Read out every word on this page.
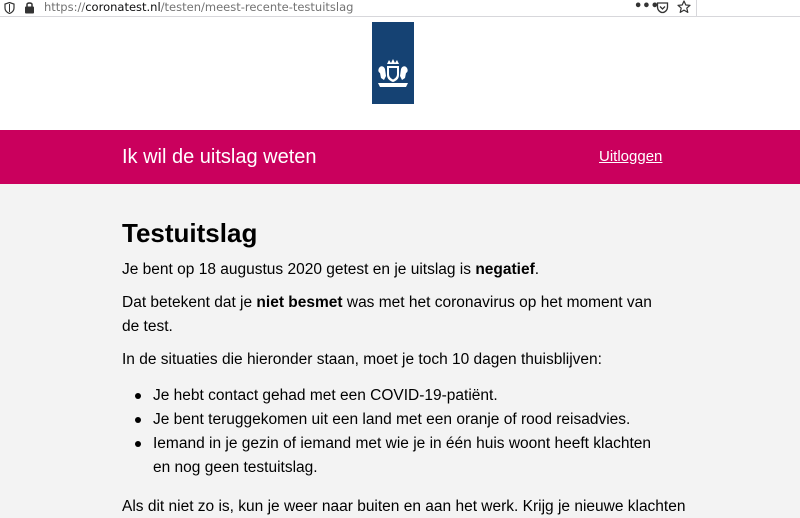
https://coronatest.nl/testen/meest-recente-testuitslag	•••
Ik wil de uitslag weten	Uitloggen
Testuitslag

Je bent op 18 augustus 2020 getest en je uitslag is negatief.

Dat betekent dat je niet besmet was met het coronavirus op het moment van de test.

In de situaties die hieronder staan, moet je toch 10 dagen thuisblijven:

Je hebt contact gehad met een COVID-19-patiënt.
Je bent teruggekomen uit een land met een oranje of rood reisadvies.
Iemand in je gezin of iemand met wie je in één huis woont heeft klachten en nog geen testuitslag.

Als dit niet zo is, kun je weer naar buiten en aan het werk. Krijg je nieuwe klachten
